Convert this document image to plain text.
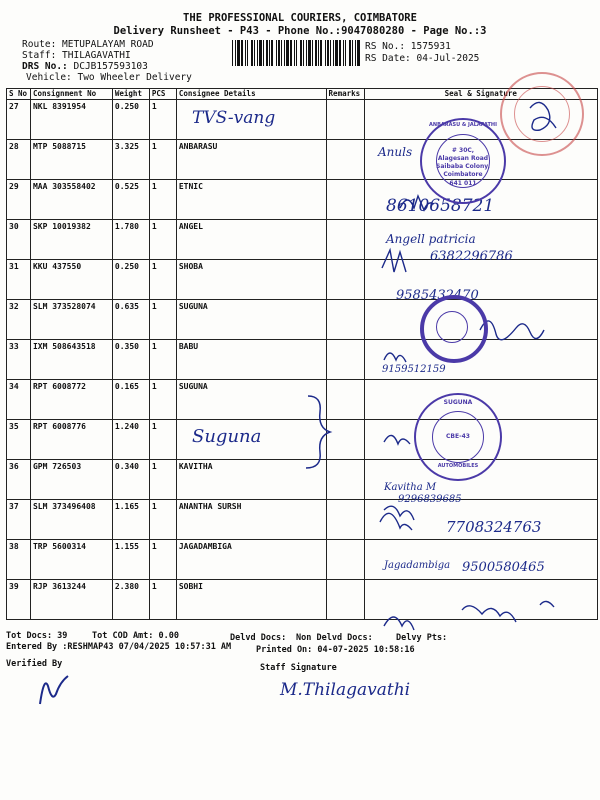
THE PROFESSIONAL COURIERS, COIMBATORE
Delivery Runsheet - P43 - Phone No.:9047080280 - Page No.:3
Route: METUPALAYAM ROAD
Staff: THILAGAVATHI
DRS No.: DCJB157593103
Vehicle: Two Wheeler Delivery
RS No.: 1575931
RS Date: 04-Jul-2025
S No	Consignment No	Weight	PCS	Consignee Details	Remarks	Seal & Signature
27	NKL 8391954	0.250	1			
28	MTP 5088715	3.325	1	ANBARASU		
29	MAA 303558402	0.525	1	ETNIC		
30	SKP 10019382	1.780	1	ANGEL		
31	KKU 437550	0.250	1	SHOBA		
32	SLM 373528074	0.635	1	SUGUNA		
33	IXM 508643518	0.350	1	BABU		
34	RPT 6008772	0.165	1	SUGUNA		
35	RPT 6008776	1.240	1			
36	GPM 726503	0.340	1	KAVITHA		
37	SLM 373496408	1.165	1	ANANTHA SURSH		
38	TRP 5600314	1.155	1	JAGADAMBIGA		
39	RJP 3613244	2.380	1	SOBHI		
TVS-vang
Suguna
Anuls
8610658721
Angell patricia
6382296786
9585432470
9159512159
Kavitha M
9296839685
7708324763
Jagadambiga 9500580465
ANBARASU & JALAPATHI
# 30C,
Alagesan Road
Saibaba Colony,
Coimbatore
641 011
SUGUNA
AUTOMOBILES
CBE-43
Tot Docs: 39	Tot COD Amt: 0.00	Delvd Docs: Non Delvd Docs:	Delvy Pts:
Entered By :RESHMAP43 07/04/2025 10:57:31 AM	Printed On: 04-07-2025 10:58:16
Verified By	Staff Signature
M.Thilagavathi
